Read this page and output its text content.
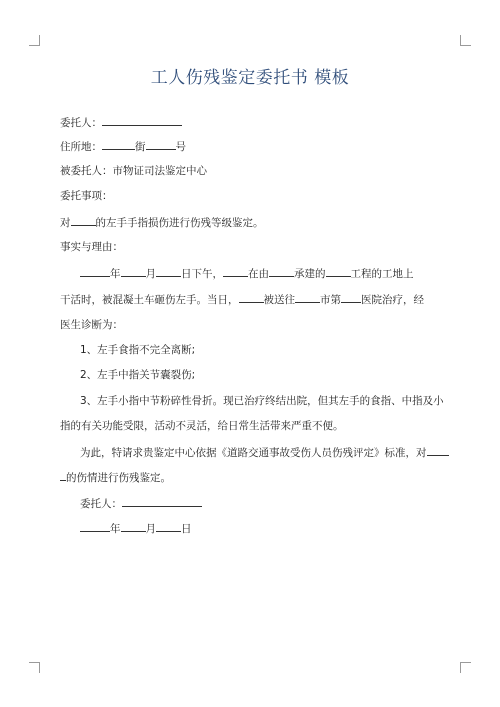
工人伤残鉴定委托书 模板
委托人：
住所地：	街	号
被委托人：市物证司法鉴定中心
委托事项：
对 的左手手指损伤进行伤残等级鉴定。
事实与理由：
年 月 日下午， 在由 承建的 工程的工地上
干活时，被混凝土车砸伤左手。当日， 被送往 市第 医院治疗，经
医生诊断为：
1、左手食指不完全离断;
2、左手中指关节囊裂伤;
3、左手小指中节粉碎性骨折。现已治疗终结出院，但其左手的食指、中指及小
指的有关功能受限，活动不灵活，给日常生活带来严重不便。
为此，特请求贵鉴定中心依据《道路交通事故受伤人员伤残评定》标准，对
的伤情进行伤残鉴定。
委托人：
年 月 日
